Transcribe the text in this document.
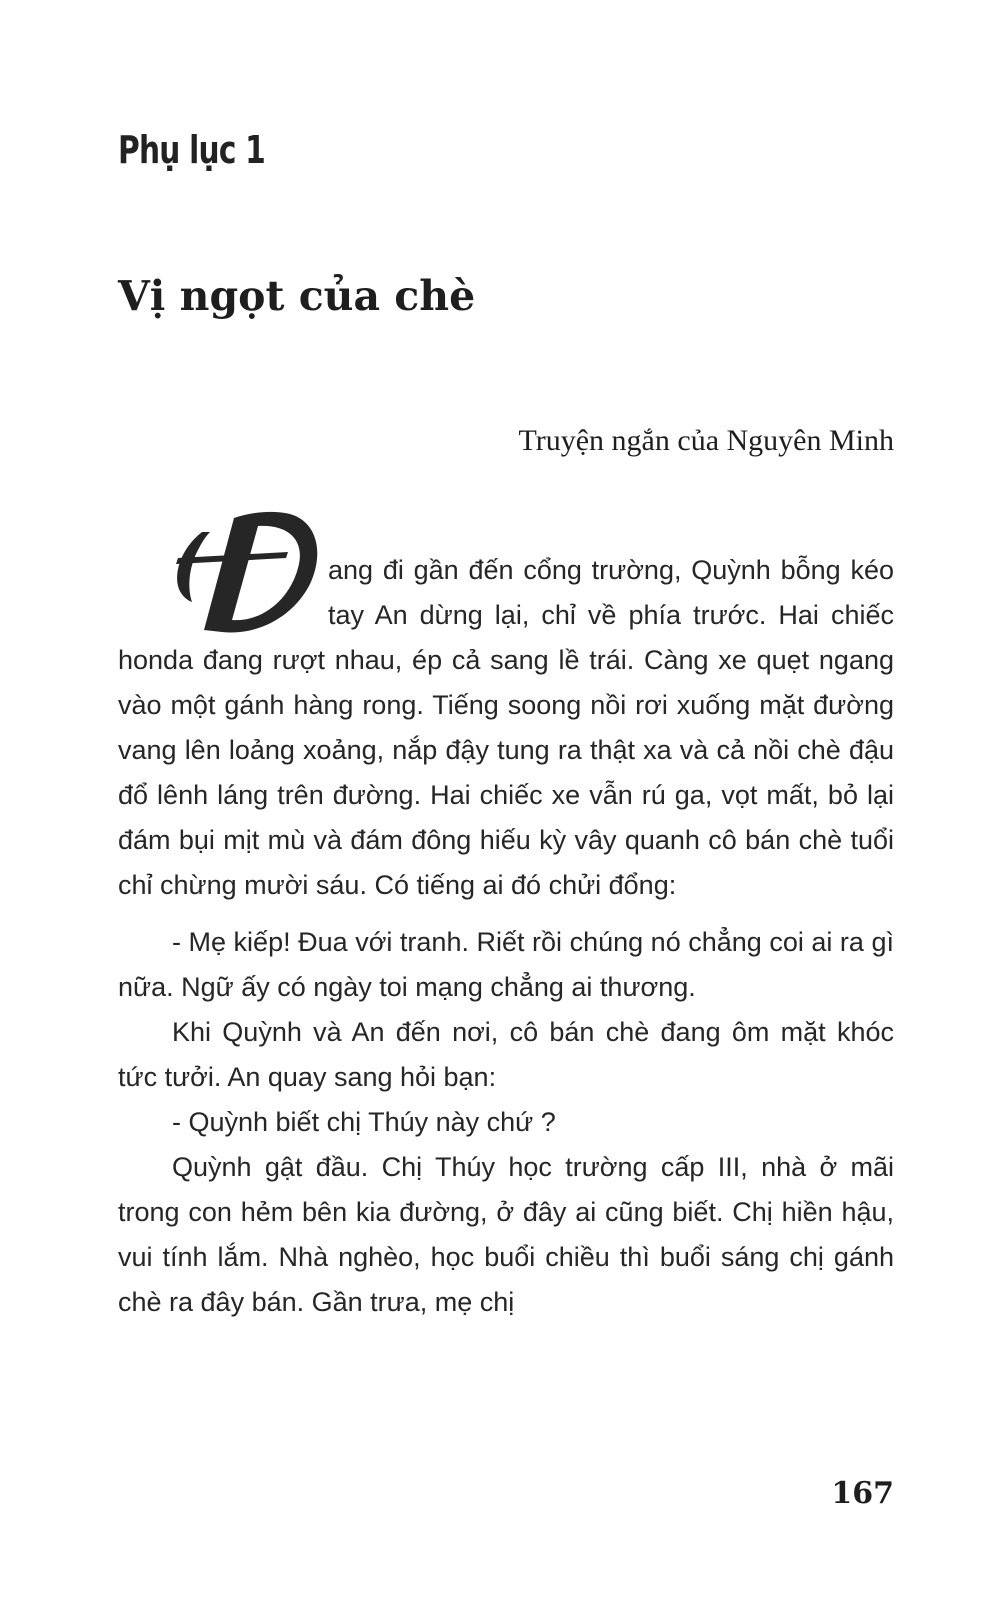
Phụ lục 1
Vị ngọt của chè

Truyện ngắn của Nguyên Minh

ang đi gần đến cổng trường, Quỳnh bỗng kéo tay An dừng lại, chỉ về phía trước. Hai chiếc honda đang rượt nhau, ép cả sang lề trái. Càng xe quẹt ngang vào một gánh hàng rong. Tiếng soong nồi rơi xuống mặt đường vang lên loảng xoảng, nắp đậy tung ra thật xa và cả nồi chè đậu đổ lênh láng trên đường. Hai chiếc xe vẫn rú ga, vọt mất, bỏ lại đám bụi mịt mù và đám đông hiếu kỳ vây quanh cô bán chè tuổi chỉ chừng mười sáu. Có tiếng ai đó chửi đổng:

- Mẹ kiếp! Đua với tranh. Riết rồi chúng nó chẳng coi ai ra gì nữa. Ngữ ấy có ngày toi mạng chẳng ai thương.

Khi Quỳnh và An đến nơi, cô bán chè đang ôm mặt khóc tức tưởi. An quay sang hỏi bạn:

- Quỳnh biết chị Thúy này chứ ?

Quỳnh gật đầu. Chị Thúy học trường cấp III, nhà ở mãi trong con hẻm bên kia đường, ở đây ai cũng biết. Chị hiền hậu, vui tính lắm. Nhà nghèo, học buổi chiều thì buổi sáng chị gánh chè ra đây bán. Gần trưa, mẹ chị

167
